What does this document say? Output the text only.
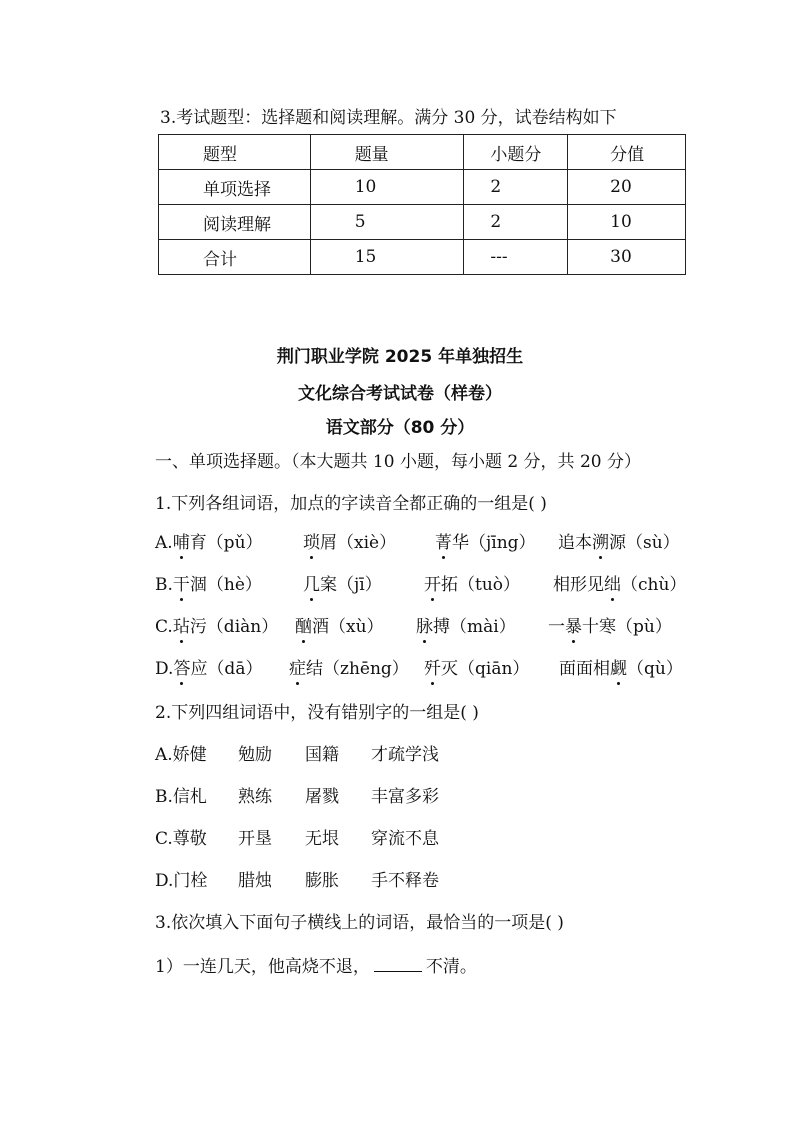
3.考试题型：选择题和阅读理解。满分 30 分，试卷结构如下
题型	题量	小题分	分值
单项选择	10	2	20
阅读理解	5	2	10
合计	15	---	30
荆门职业学院 2025 年单独招生
文化综合考试试卷（样卷）
语文部分（80 分）
一、单项选择题。（本大题共 10 小题，每小题 2 分，共 20 分）
1.下列各组词语，加点的字读音全都正确的一组是( )
A.哺育（pǔ） 琐屑（xiè） 菁华（jīng） 追本溯源（sù）
B.干涸（hè） 几案（jī） 开拓（tuò） 相形见绌（chù）
C.玷污（diàn） 酗酒（xù） 脉搏（mài） 一暴十寒（pù）
D.答应（dā） 症结（zhēng） 歼灭（qiān） 面面相觑（qù）
2.下列四组词语中，没有错别字的一组是( )
A.娇健 勉励 国籍 才疏学浅
B.信札 熟练 屠戮 丰富多彩
C.尊敬 开垦 无垠 穿流不息
D.门栓 腊烛 膨胀 手不释卷
3.依次填入下面句子横线上的词语，最恰当的一项是( )
1）一连几天，他高烧不退，	不清。
